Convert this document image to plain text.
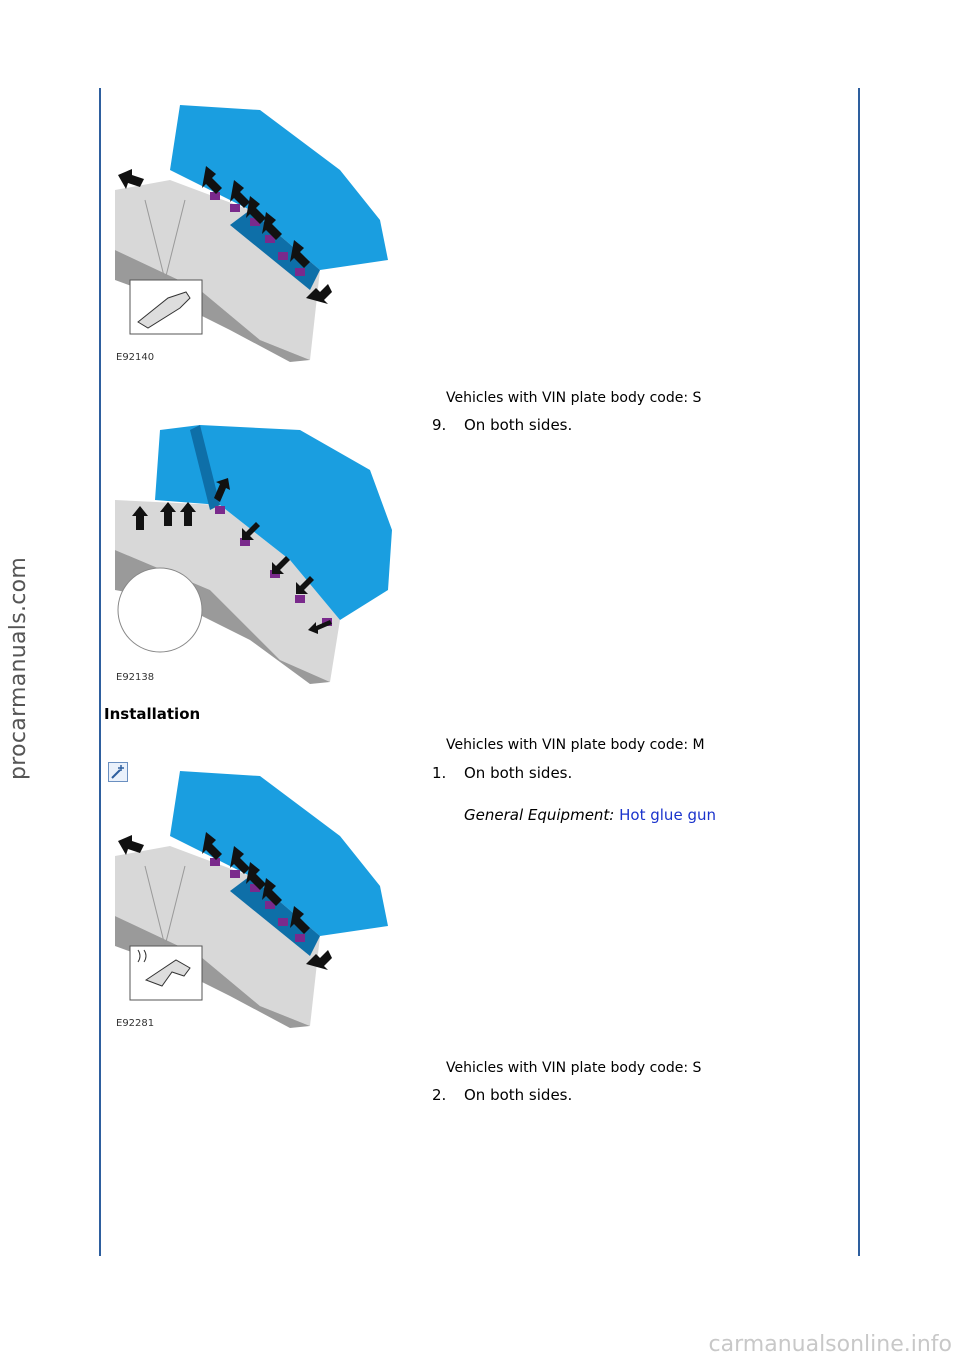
procarmanuals.com
E92140
Vehicles with VIN plate body code: S
9. On both sides.
E92138
Installation
Vehicles with VIN plate body code: M
1. On both sides.
General Equipment: Hot glue gun
E92281
Vehicles with VIN plate body code: S
2. On both sides.
carmanualsonline.info
